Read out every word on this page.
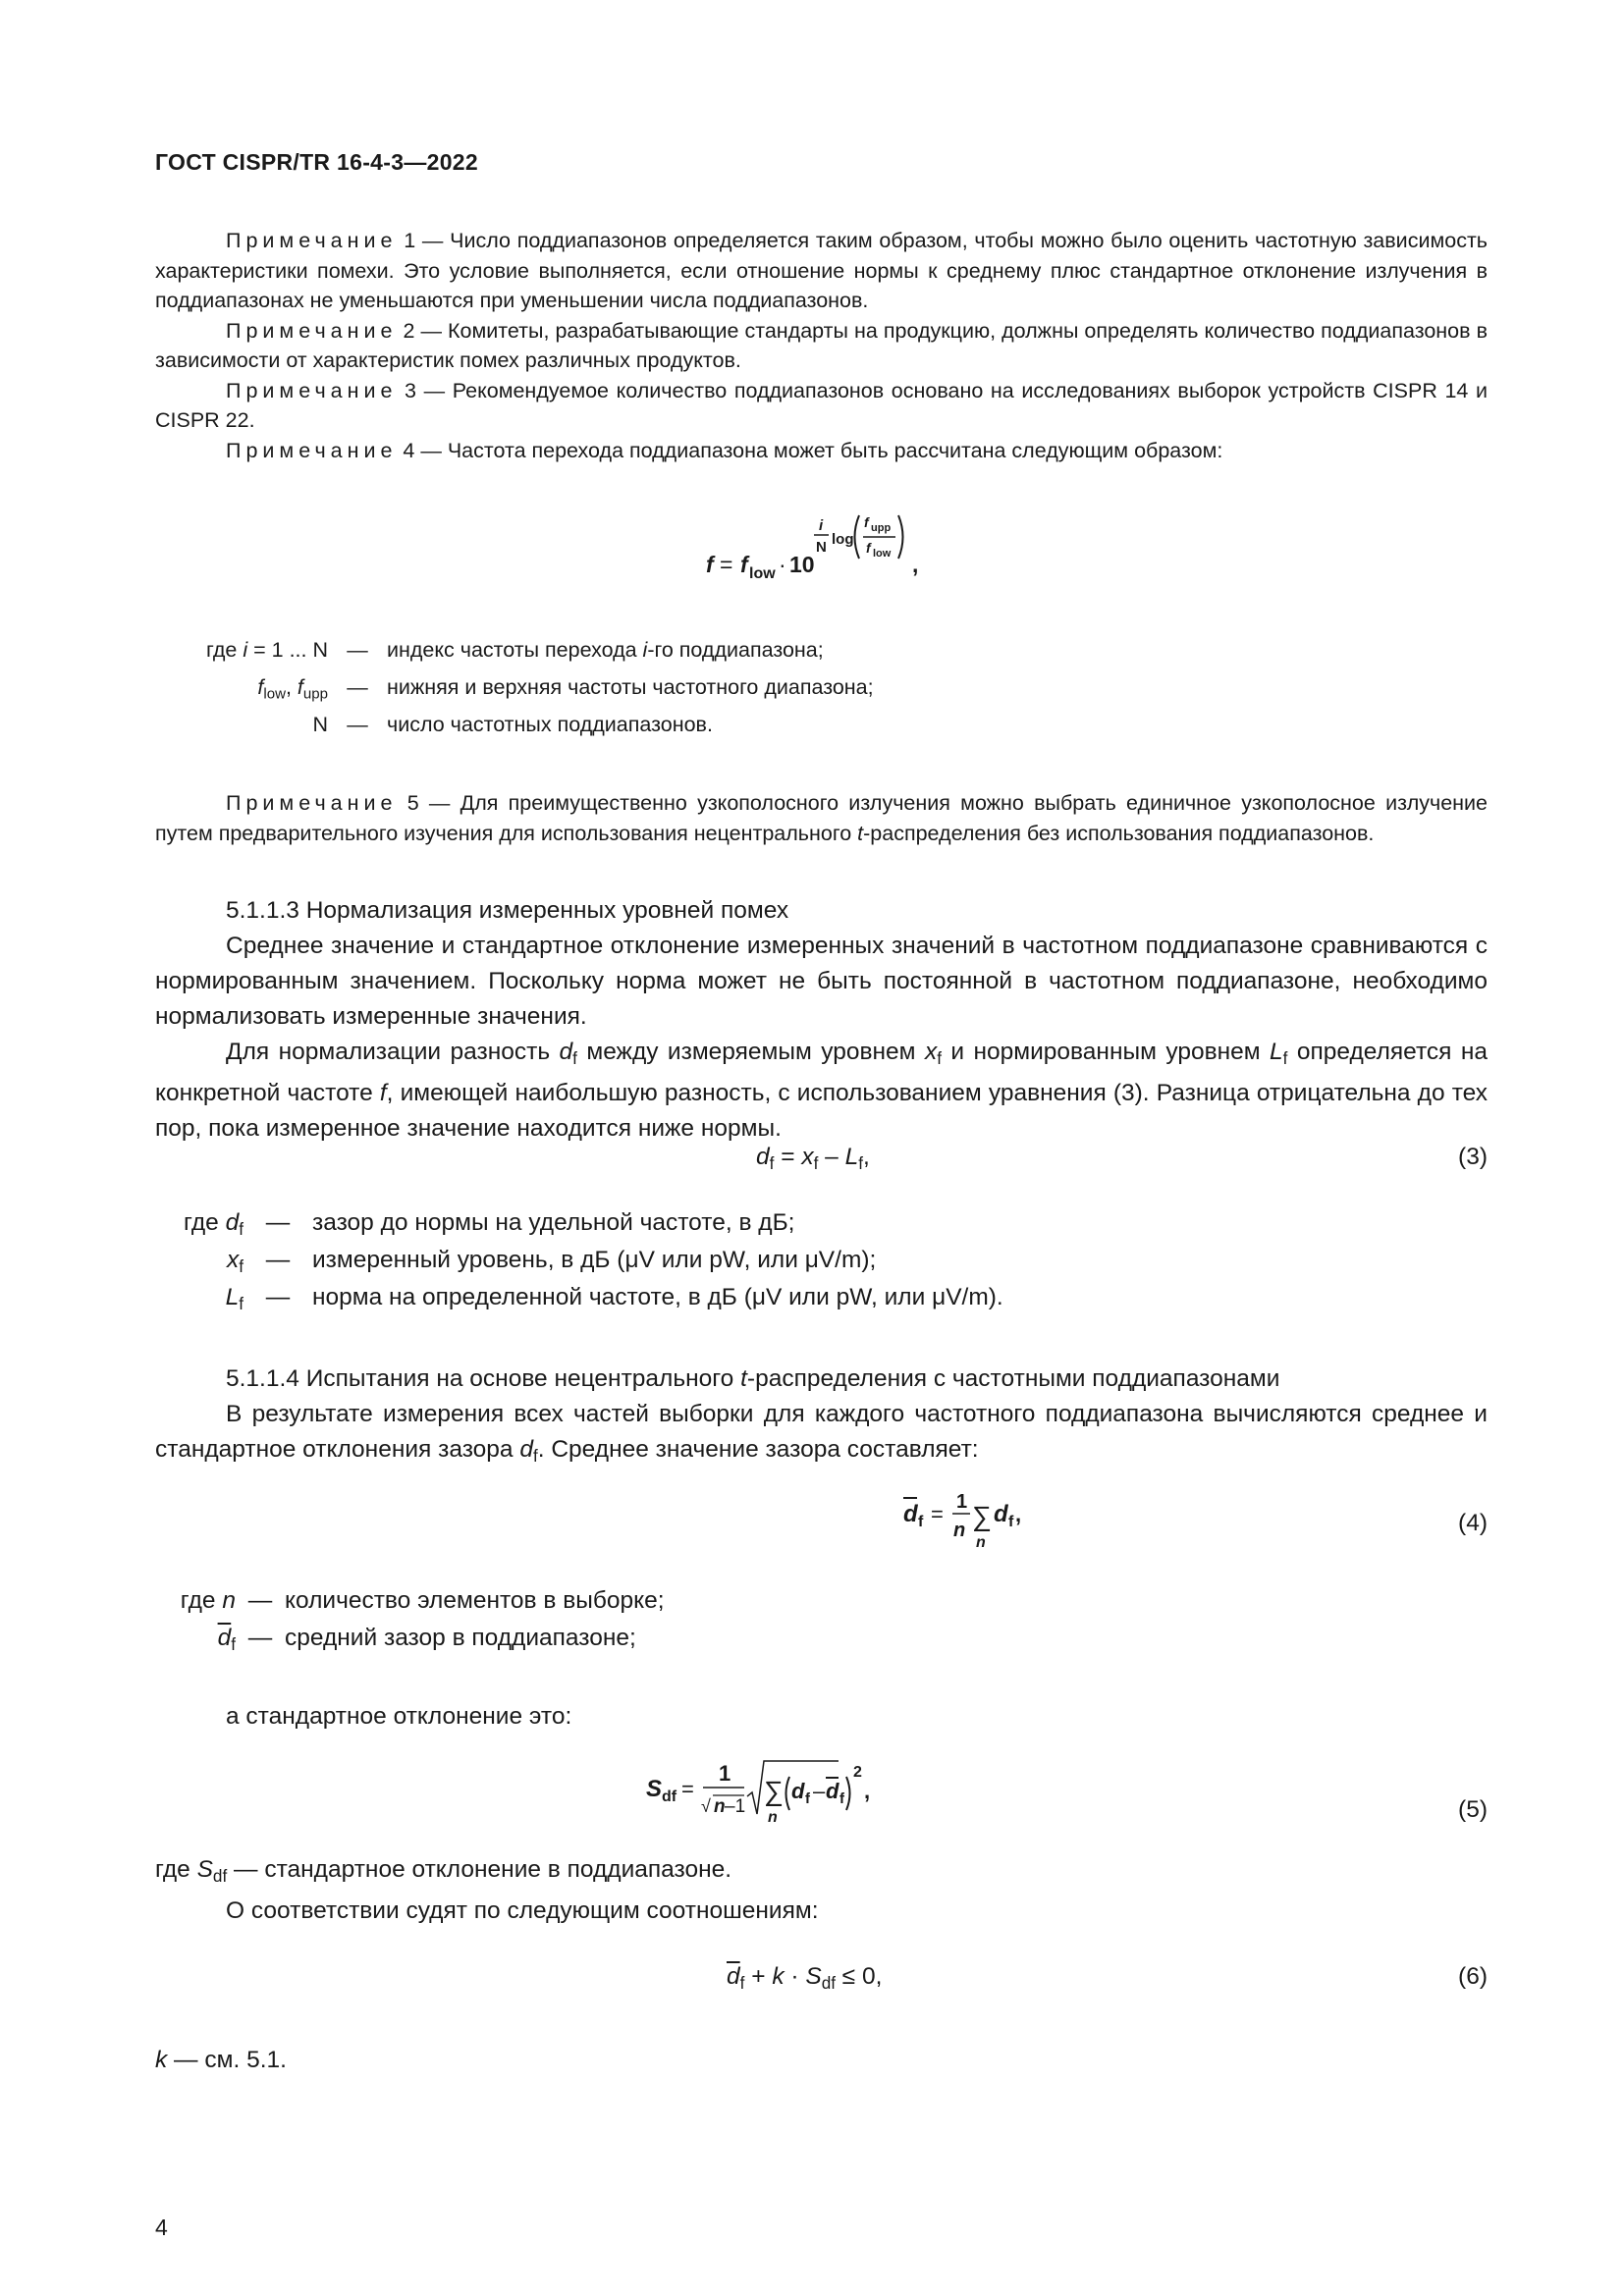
ГОСТ CISPR/TR 16-4-3—2022

Примечание 1 — Число поддиапазонов определяется таким образом, чтобы можно было оценить частотную зависимость характеристики помехи. Это условие выполняется, если отношение нормы к среднему плюс стандартное отклонение излучения в поддиапазонах не уменьшаются при уменьшении числа поддиапазонов.

Примечание 2 — Комитеты, разрабатывающие стандарты на продукцию, должны определять количество поддиапазонов в зависимости от характеристик помех различных продуктов.

Примечание 3 — Рекомендуемое количество поддиапазонов основано на исследованиях выборок устройств CISPR 14 и CISPR 22.

Примечание 4 — Частота перехода поддиапазона может быть рассчитана следующим образом:

f = f low · 10
i
N log
f upp
f low ,
где i = 1 ... N — индекс частоты перехода i-го поддиапазона;
$f_{low}$, $f_{upp}$ — нижняя и верхняя частоты частотного диапазона;
N — число частотных поддиапазонов.

Примечание 5 — Для преимущественно узкополосного излучения можно выбрать единичное узкополосное излучение путем предварительного изучения для использования нецентрального t-распределения без использования поддиапазонов.

5.1.1.3 Нормализация измеренных уровней помех

Среднее значение и стандартное отклонение измеренных значений в частотном поддиапазоне сравниваются с нормированным значением. Поскольку норма может не быть постоянной в частотном поддиапазоне, необходимо нормализовать измеренные значения.

Для нормализации разность $d_f$ между измеряемым уровнем $x_f$ и нормированным уровнем $L_f$ определяется на конкретной частоте f, имеющей наибольшую разность, с использованием уравнения (3). Разница отрицательна до тех пор, пока измеренное значение находится ниже нормы.

$d_f = x_f - L_f$,	(3)
где $d_f$ — зазор до нормы на удельной частоте, в дБ;
$x_f$ — измеренный уровень, в дБ (μV или pW, или μV/m);
$L_f$ — норма на определенной частоте, в дБ (μV или pW, или μV/m).

5.1.1.4 Испытания на основе нецентрального t-распределения с частотными поддиапазонами

В результате измерения всех частей выборки для каждого частотного поддиапазона вычисляются среднее и стандартное отклонения зазора $d_f$. Среднее значение зазора составляет:

d f = 1
n ∑
n
d f ,	(4)
где n — количество элементов в выборке;
$\overline{d}_f$ — средний зазор в поддиапазоне;
а стандартное отклонение это:
S df =
1
√ n –1
∑
n
d f – d f
2
,
(5)
где $S_{df}$ — стандартное отклонение в поддиапазоне.
О соответствии судят по следующим соотношениям:
$\overline{d}_f + k \cdot S_{df} \le 0$,	(6)
k — см. 5.1.
4
